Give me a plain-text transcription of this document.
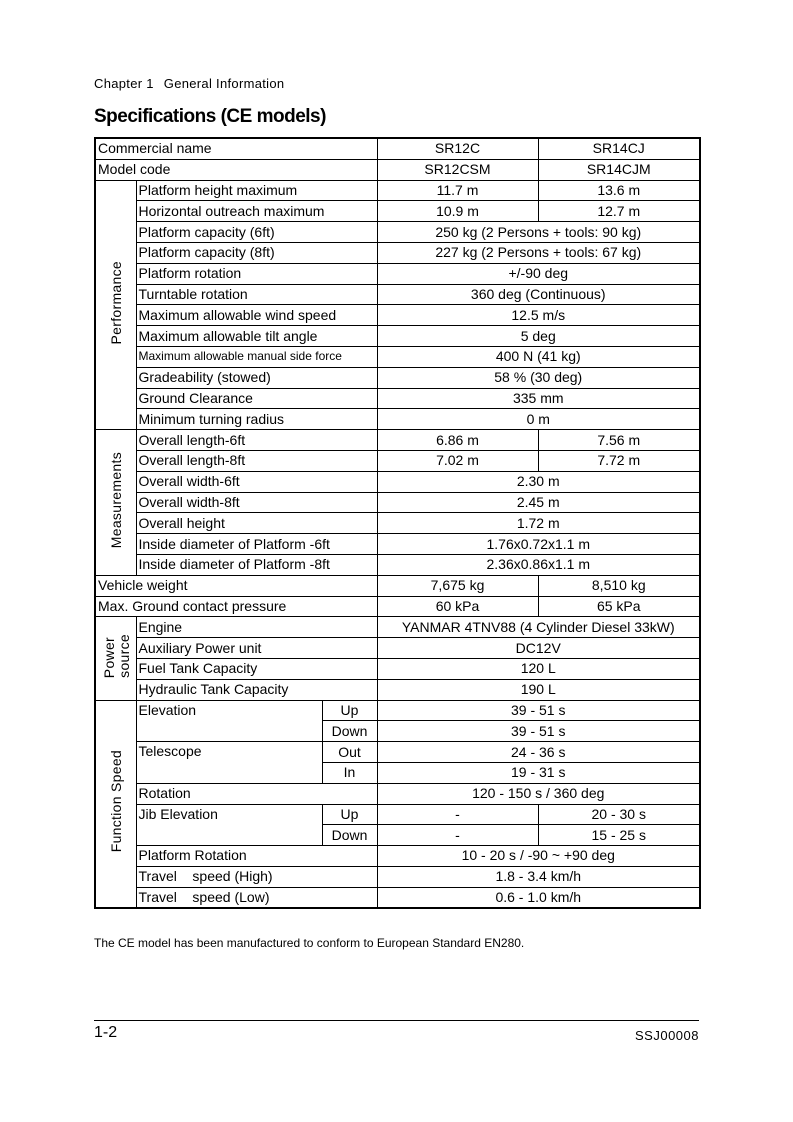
Chapter 1 General Information
Specifications (CE models)
Commercial name			SR12C	SR14CJ
Model code			SR12CSM	SR14CJM
Performance	Platform height maximum		11.7 m	13.6 m
	Horizontal outreach maximum		10.9 m	12.7 m
	Platform capacity (6ft)		250 kg (2 Persons + tools: 90 kg)	
	Platform capacity (8ft)		227 kg (2 Persons + tools: 67 kg)	
	Platform rotation		+/-90 deg	
	Turntable rotation		360 deg (Continuous)	
	Maximum allowable wind speed		12.5 m/s	
	Maximum allowable tilt angle		5 deg	
	Maximum allowable manual side force		400 N (41 kg)	
	Gradeability (stowed)		58 % (30 deg)	
	Ground Clearance		335 mm	
	Minimum turning radius		0 m	
Measurements	Overall length-6ft		6.86 m	7.56 m
	Overall length-8ft		7.02 m	7.72 m
	Overall width-6ft		2.30 m	
	Overall width-8ft		2.45 m	
	Overall height		1.72 m	
	Inside diameter of Platform -6ft		1.76x0.72x1.1 m	
	Inside diameter of Platform -8ft		2.36x0.86x1.1 m	
Vehicle weight			7,675 kg	8,510 kg
Max. Ground contact pressure			60 kPa	65 kPa
Powersource	Engine		YANMAR 4TNV88 (4 Cylinder Diesel 33kW)	
	Auxiliary Power unit		DC12V	
	Fuel Tank Capacity		120 L	
	Hydraulic Tank Capacity		190 L	
Function Speed	Elevation	Up	39 - 51 s	
		Down	39 - 51 s	
	Telescope	Out	24 - 36 s	
		In	19 - 31 s	
	Rotation		120 - 150 s / 360 deg	
	Jib Elevation	Up	-	20 - 30 s
		Down	-	15 - 25 s
	Platform Rotation		10 - 20 s / -90 ~ +90 deg	
	Travel    speed (High)		1.8 - 3.4 km/h	
	Travel    speed (Low)		0.6 - 1.0 km/h	
The CE model has been manufactured to conform to European Standard EN280.
1-2	SSJ00008
